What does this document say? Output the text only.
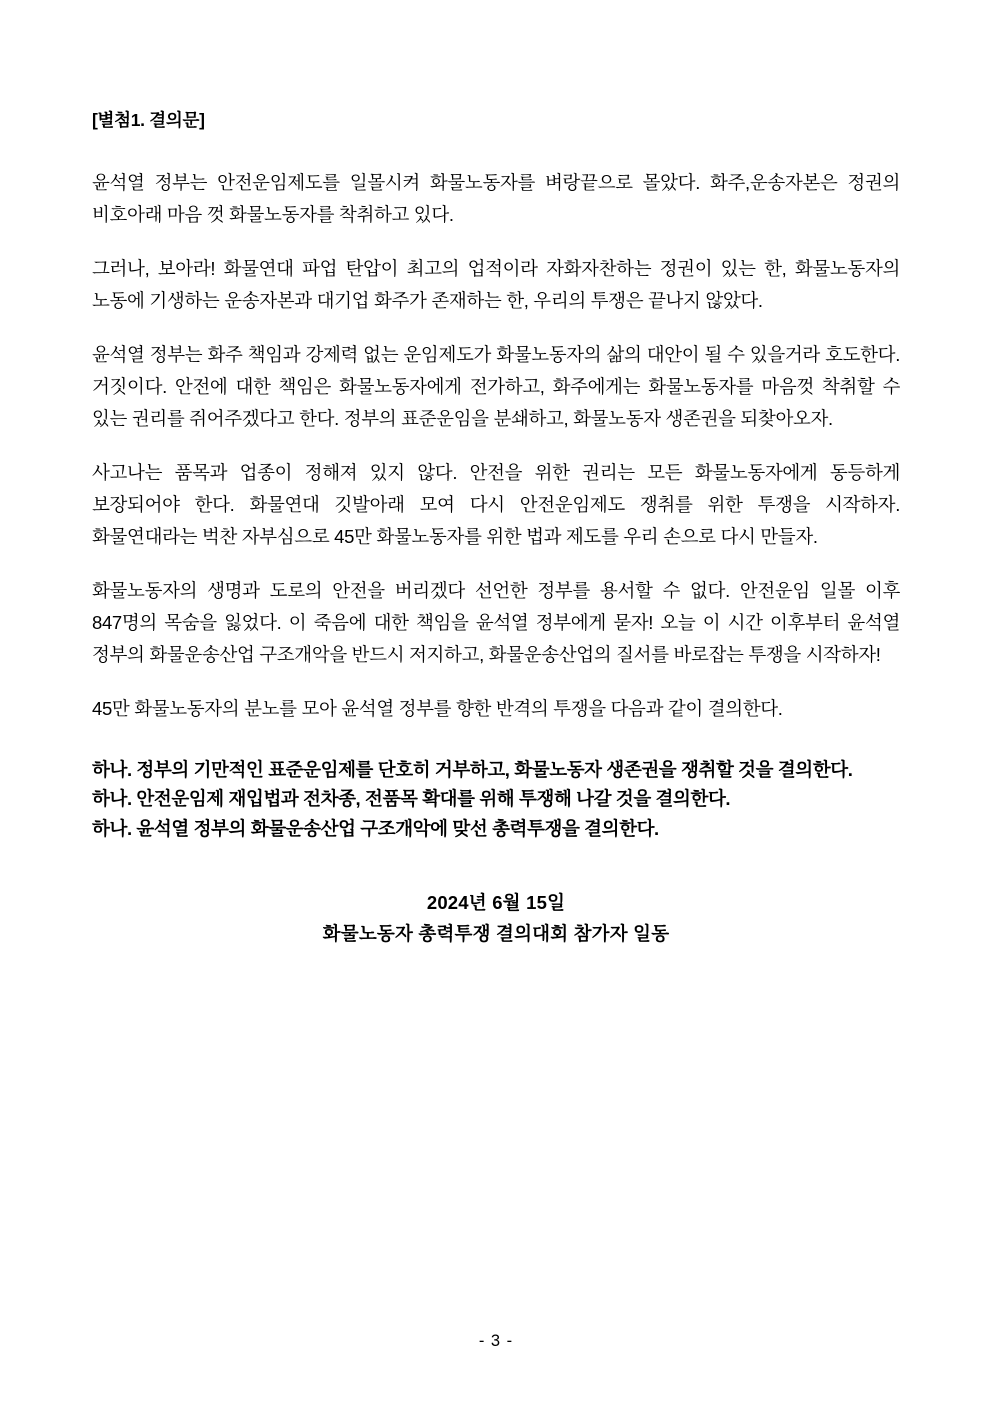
[별첨1. 결의문]

윤석열 정부는 안전운임제도를 일몰시켜 화물노동자를 벼랑끝으로 몰았다. 화주,운송자본은 정권의 비호아래 마음 껏 화물노동자를 착취하고 있다.

그러나, 보아라! 화물연대 파업 탄압이 최고의 업적이라 자화자찬하는 정권이 있는 한, 화물노동자의 노동에 기생하는 운송자본과 대기업 화주가 존재하는 한, 우리의 투쟁은 끝나지 않았다.

윤석열 정부는 화주 책임과 강제력 없는 운임제도가 화물노동자의 삶의 대안이 될 수 있을거라 호도한다. 거짓이다. 안전에 대한 책임은 화물노동자에게 전가하고, 화주에게는 화물노동자를 마음껏 착취할 수 있는 권리를 쥐어주겠다고 한다. 정부의 표준운임을 분쇄하고, 화물노동자 생존권을 되찾아오자.

사고나는 품목과 업종이 정해져 있지 않다. 안전을 위한 권리는 모든 화물노동자에게 동등하게 보장되어야 한다. 화물연대 깃발아래 모여 다시 안전운임제도 쟁취를 위한 투쟁을 시작하자. 화물연대라는 벅찬 자부심으로 45만 화물노동자를 위한 법과 제도를 우리 손으로 다시 만들자.

화물노동자의 생명과 도로의 안전을 버리겠다 선언한 정부를 용서할 수 없다. 안전운임 일몰 이후 847명의 목숨을 잃었다. 이 죽음에 대한 책임을 윤석열 정부에게 묻자! 오늘 이 시간 이후부터 윤석열 정부의 화물운송산업 구조개악을 반드시 저지하고, 화물운송산업의 질서를 바로잡는 투쟁을 시작하자!

45만 화물노동자의 분노를 모아 윤석열 정부를 향한 반격의 투쟁을 다음과 같이 결의한다.

하나. 정부의 기만적인 표준운임제를 단호히 거부하고, 화물노동자 생존권을 쟁취할 것을 결의한다.

하나. 안전운임제 재입법과 전차종, 전품목 확대를 위해 투쟁해 나갈 것을 결의한다.

하나. 윤석열 정부의 화물운송산업 구조개악에 맞선 총력투쟁을 결의한다.

2024년 6월 15일

화물노동자 총력투쟁 결의대회 참가자 일동

- 3 -
